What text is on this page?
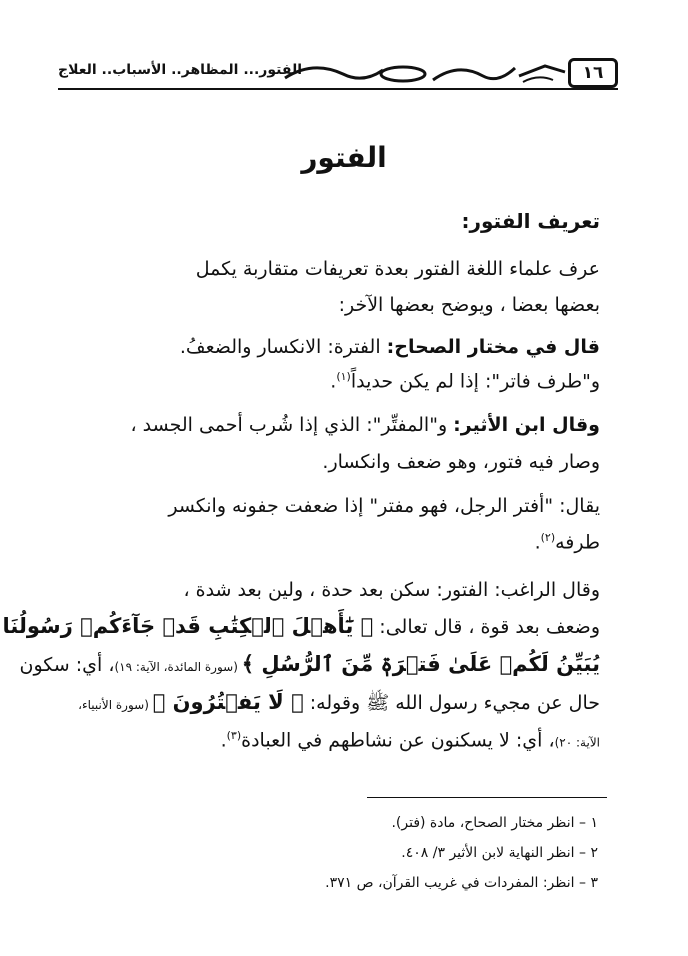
الفتور... المظاهر.. الأسباب.. العلاج	١٦
الفتور
تعريف الفتور:
عرف علماء اللغة الفتور بعدة تعريفات متقاربة يكمل
بعضها بعضا ، ويوضح بعضها الآخر:
قال في مختار الصحاح: الفترة: الانكسار والضعفُ.
و"طرف فاتر": إذا لم يكن حديداً$^{(١)}$.
وقال ابن الأثير: و"المفتِّر": الذي إذا شُرب أحمى الجسد ،
وصار فيه فتور، وهو ضعف وانكسار.
يقال: "أفتر الرجل، فهو مفتر" إذا ضعفت جفونه وانكسر
طرفه$^{(٢)}$.
وقال الراغب: الفتور: سكن بعد حدة ، ولين بعد شدة ،
وضعف بعد قوة ، قال تعالى: ﴿ يَٰٓأَهۡلَ ٱلۡكِتَٰبِ قَدۡ جَآءَكُمۡ رَسُولُنَا
يُبَيِّنُ لَكُمۡ عَلَىٰ فَتۡرَةٖ مِّنَ ٱلرُّسُلِ ﴾ (سورة المائدة، الآية: ١٩)، أي: سكون
حال عن مجيء رسول الله ﷺ وقوله: ﴿ لَا يَفۡتُرُونَ ﴾ (سورة الأنبياء،
الآية: ٢٠)، أي: لا يسكنون عن نشاطهم في العبادة$^{(٣)}$.
١ – انظر مختار الصحاح، مادة (فتر).
٢ – انظر النهاية لابن الأثير ٣/ ٤٠٨.
٣ – انظر: المفردات في غريب القرآن، ص ٣٧١.
